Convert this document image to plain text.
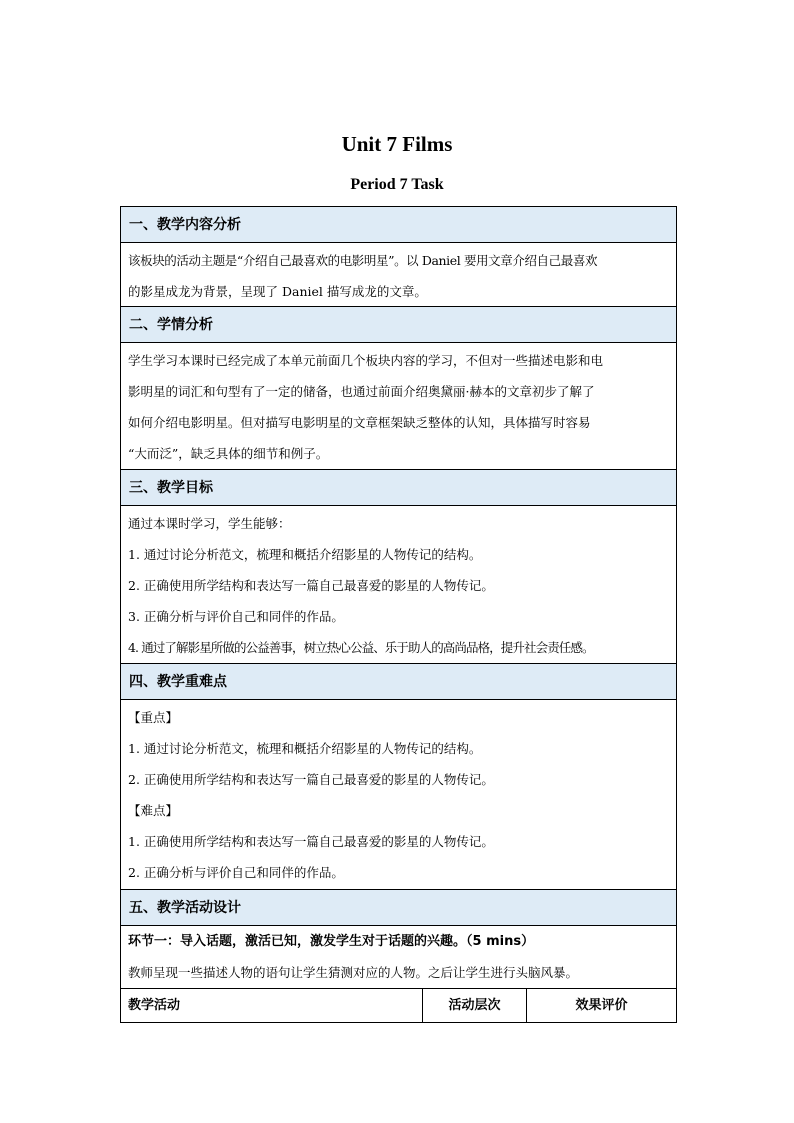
Unit 7 Films
Period 7 Task
一、教学内容分析
该板块的活动主题是“介绍自己最喜欢的电影明星”。以 Daniel 要用文章介绍自己最喜欢
的影星成龙为背景，呈现了 Daniel 描写成龙的文章。
二、学情分析
学生学习本课时已经完成了本单元前面几个板块内容的学习，不但对一些描述电影和电
影明星的词汇和句型有了一定的储备，也通过前面介绍奥黛丽·赫本的文章初步了解了
如何介绍电影明星。但对描写电影明星的文章框架缺乏整体的认知，具体描写时容易
“大而泛”，缺乏具体的细节和例子。
三、教学目标
通过本课时学习，学生能够：
1. 通过讨论分析范文，梳理和概括介绍影星的人物传记的结构。
2. 正确使用所学结构和表达写一篇自己最喜爱的影星的人物传记。
3. 正确分析与评价自己和同伴的作品。
4. 通过了解影星所做的公益善事，树立热心公益、乐于助人的高尚品格，提升社会责任感。
四、教学重难点
【重点】
1. 通过讨论分析范文，梳理和概括介绍影星的人物传记的结构。
2. 正确使用所学结构和表达写一篇自己最喜爱的影星的人物传记。
【难点】
1. 正确使用所学结构和表达写一篇自己最喜爱的影星的人物传记。
2. 正确分析与评价自己和同伴的作品。
五、教学活动设计
环节一：导入话题，激活已知，激发学生对于话题的兴趣。（5 mins）
教师呈现一些描述人物的语句让学生猜测对应的人物。之后让学生进行头脑风暴。
教学活动	活动层次	效果评价
